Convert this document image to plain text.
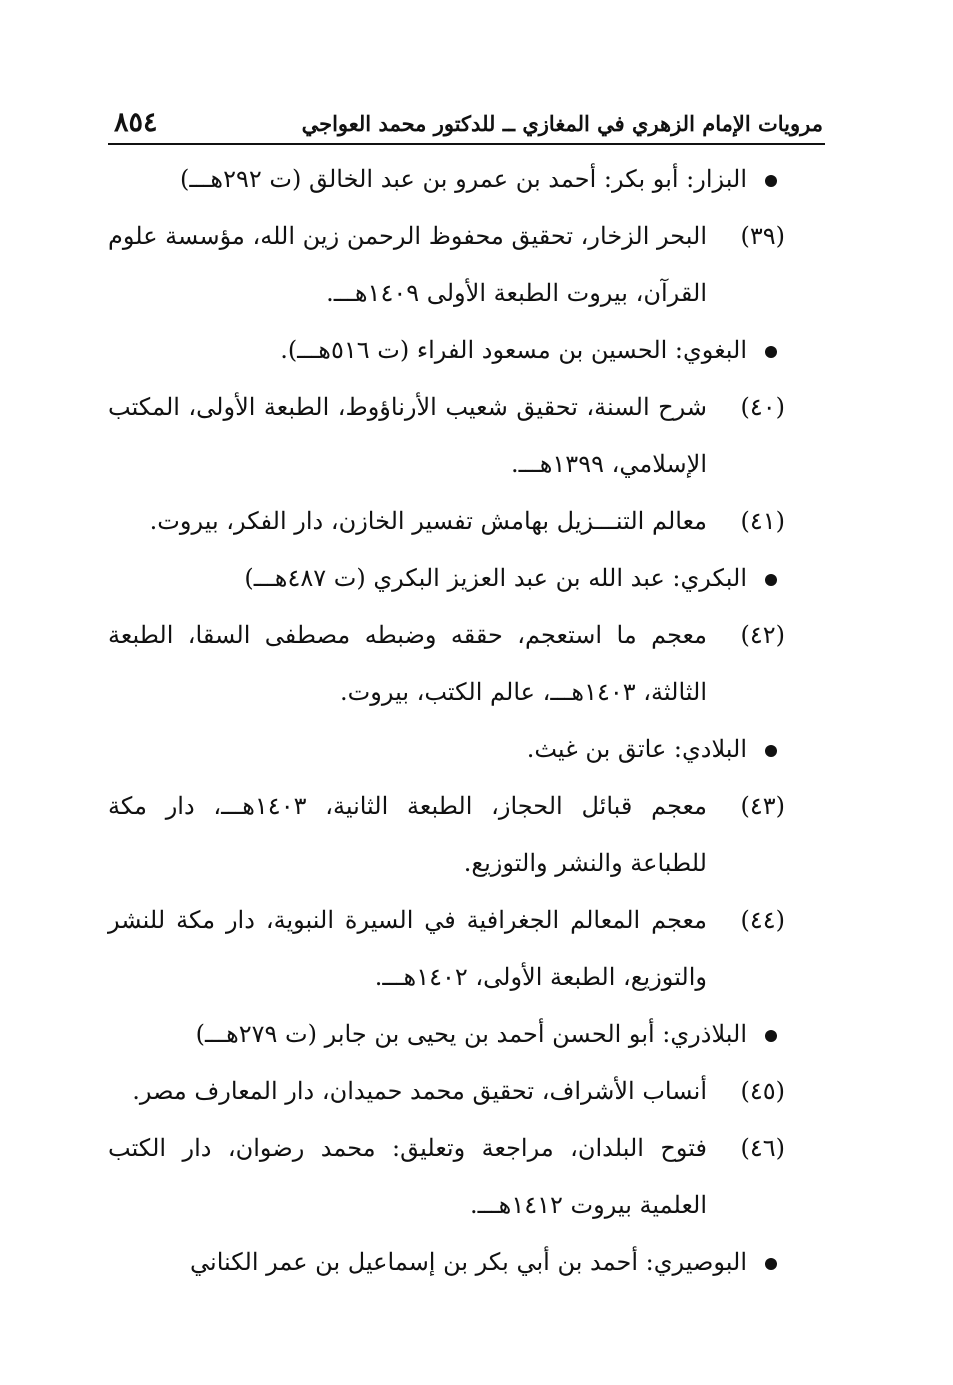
مرويات الإمام الزهري في المغازي ــ للدكتور محمد العواجي
٨٥٤
البزار: أبو بكر: أحمد بن عمرو بن عبد الخالق (ت ٢٩٢هـــ)
(٣٩)
البحر الزخار، تحقيق محفوظ الرحمن زين الله، مؤسسة علوم
القرآن، بيروت الطبعة الأولى ١٤٠٩هـــ.
البغوي: الحسين بن مسعود الفراء (ت ٥١٦هـــ).
(٤٠)
شرح السنة، تحقيق شعيب الأرناؤوط، الطبعة الأولى، المكتب
الإسلامي، ١٣٩٩هـــ.
(٤١)
معالم التنـــزيل بهامش تفسير الخازن، دار الفكر، بيروت.
البكري: عبد الله بن عبد العزيز البكري (ت ٤٨٧هـــ)
(٤٢)
معجم ما استعجم، حققه وضبطه مصطفى السقا، الطبعة
الثالثة، ١٤٠٣هـــ، عالم الكتب، بيروت.
البلادي: عاتق بن غيث.
(٤٣)
معجم قبائل الحجاز، الطبعة الثانية، ١٤٠٣هـــ، دار مكة
للطباعة والنشر والتوزيع.
(٤٤)
معجم المعالم الجغرافية في السيرة النبوية، دار مكة للنشر
والتوزيع، الطبعة الأولى، ١٤٠٢هـــ.
البلاذري: أبو الحسن أحمد بن يحيى بن جابر (ت ٢٧٩هـــ)
(٤٥)
أنساب الأشراف، تحقيق محمد حميدان، دار المعارف مصر.
(٤٦)
فتوح البلدان، مراجعة وتعليق: محمد رضوان، دار الكتب
العلمية بيروت ١٤١٢هـــ.
البوصيري: أحمد بن أبي بكر بن إسماعيل بن عمر الكناني
